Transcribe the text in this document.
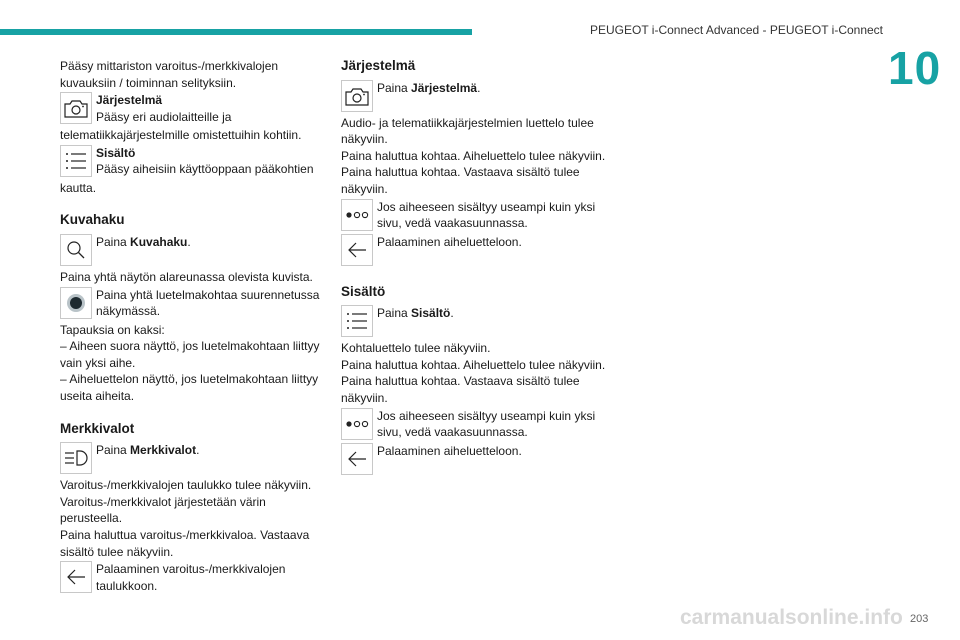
PEUGEOT i-Connect Advanced - PEUGEOT i-Connect
10

Pääsy mittariston varoitus-/merkkivalojen kuvauksiin / toiminnan selityksiin.

Järjestelmä

Pääsy eri audiolaitteille ja

telematiikkajärjestelmille omistettuihin kohtiin.

Sisältö

Pääsy aiheisiin käyttöoppaan pääkohtien

kautta.

Kuvahaku

Paina Kuvahaku.

Paina yhtä näytön alareunassa olevista kuvista.

Paina yhtä luetelmakohtaa suurennetussa näkymässä.

Tapauksia on kaksi:

– Aiheen suora näyttö, jos luetelmakohtaan liittyy vain yksi aihe.

– Aiheluettelon näyttö, jos luetelmakohtaan liittyy useita aiheita.

Merkkivalot

Paina Merkkivalot.

Varoitus-/merkkivalojen taulukko tulee näkyviin.

Varoitus-/merkkivalot järjestetään värin perusteella.

Paina haluttua varoitus-/merkkivaloa. Vastaava sisältö tulee näkyviin.

Palaaminen varoitus-/merkkivalojen taulukkoon.

Järjestelmä

Paina Järjestelmä.

Audio- ja telematiikkajärjestelmien luettelo tulee näkyviin.

Paina haluttua kohtaa. Aiheluettelo tulee näkyviin.

Paina haluttua kohtaa. Vastaava sisältö tulee näkyviin.

Jos aiheeseen sisältyy useampi kuin yksi sivu, vedä vaakasuunnassa.

Palaaminen aiheluetteloon.

Sisältö

Paina Sisältö.

Kohtaluettelo tulee näkyviin.

Paina haluttua kohtaa. Aiheluettelo tulee näkyviin.

Paina haluttua kohtaa. Vastaava sisältö tulee näkyviin.

Jos aiheeseen sisältyy useampi kuin yksi sivu, vedä vaakasuunnassa.

Palaaminen aiheluetteloon.

carmanualsonline.info 203
